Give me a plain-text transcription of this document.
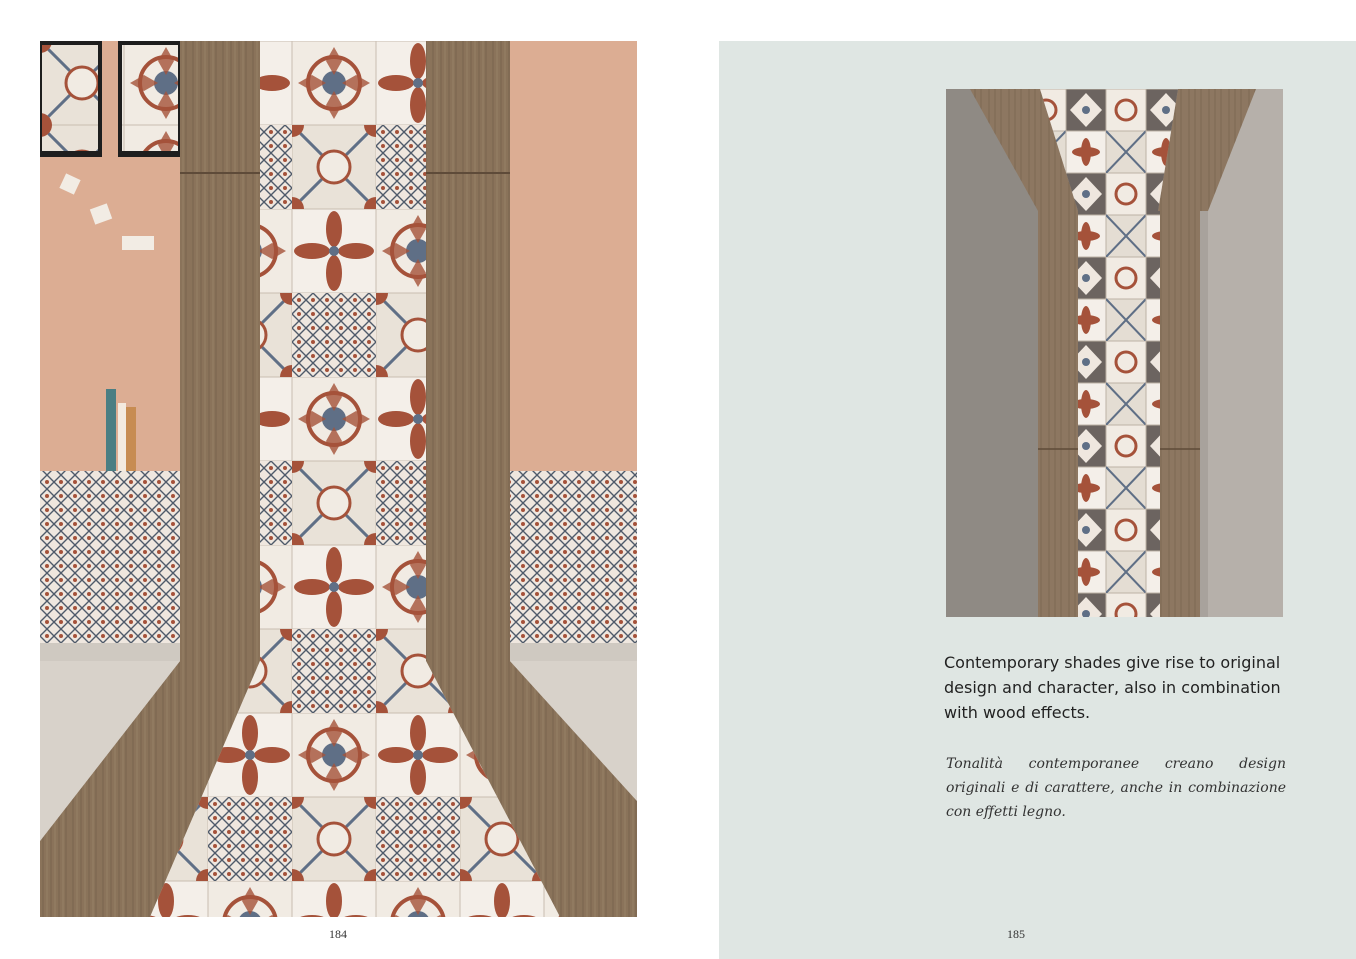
184
Contemporary shades give rise to original design and character, also in combination with wood effects.
Tonalità contemporanee creano design originali e di carattere, anche in combinazione con effetti legno.
185
